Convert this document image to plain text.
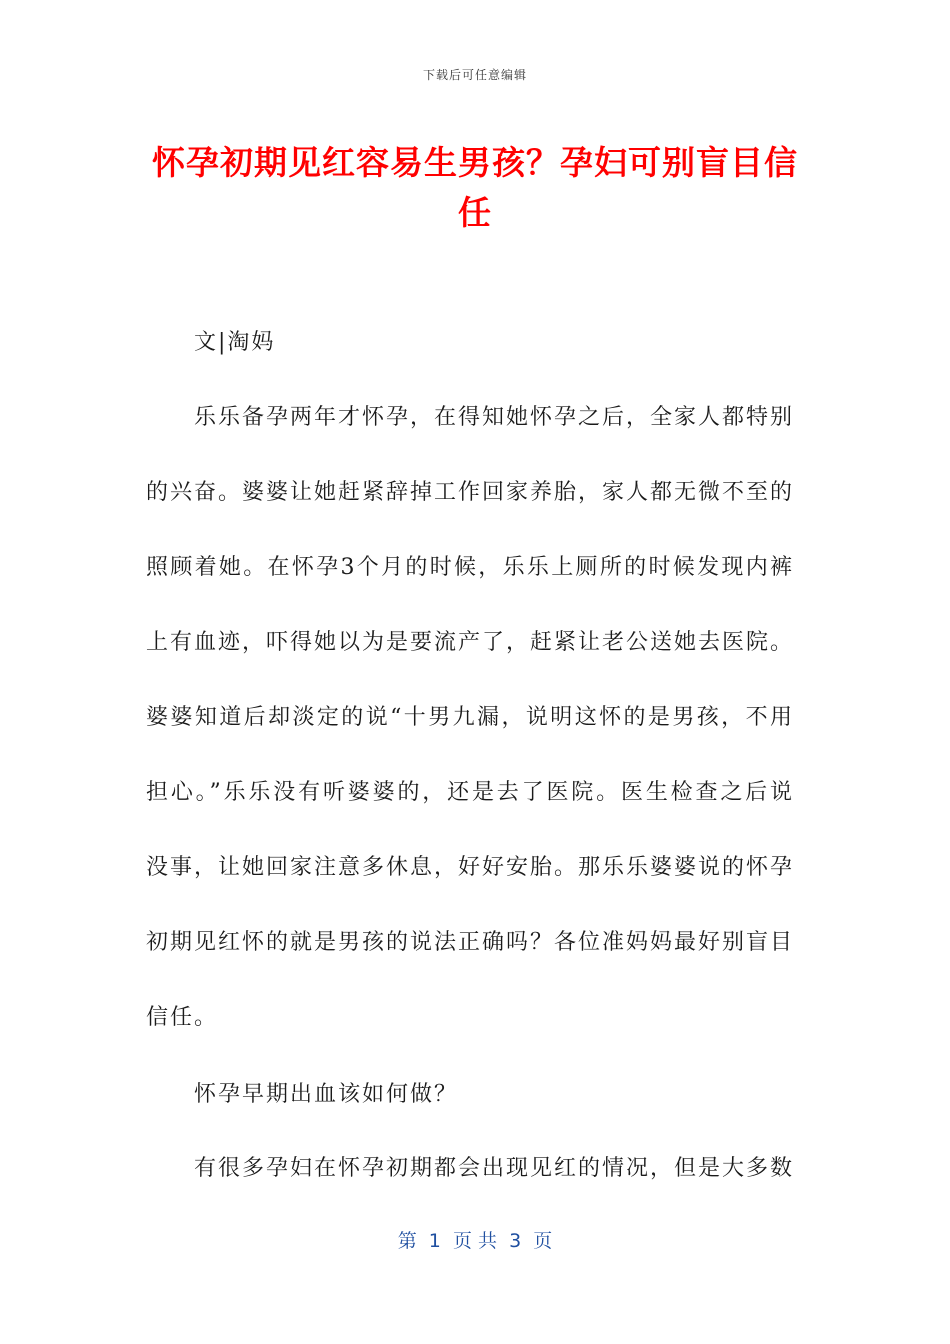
下载后可任意编辑
怀孕初期见红容易生男孩？孕妇可别盲目信任

文|淘妈

乐乐备孕两年才怀孕，在得知她怀孕之后，全家人都特别的兴奋。婆婆让她赶紧辞掉工作回家养胎，家人都无微不至的照顾着她。在怀孕3个月的时候，乐乐上厕所的时候发现内裤上有血迹，吓得她以为是要流产了，赶紧让老公送她去医院。婆婆知道后却淡定的说“十男九漏，说明这怀的是男孩，不用担心。”乐乐没有听婆婆的，还是去了医院。医生检查之后说没事，让她回家注意多休息，好好安胎。那乐乐婆婆说的怀孕初期见红怀的就是男孩的说法正确吗？各位准妈妈最好别盲目信任。

怀孕早期出血该如何做？

有很多孕妇在怀孕初期都会出现见红的情况，但是大多数

第  1  页 共  3  页
